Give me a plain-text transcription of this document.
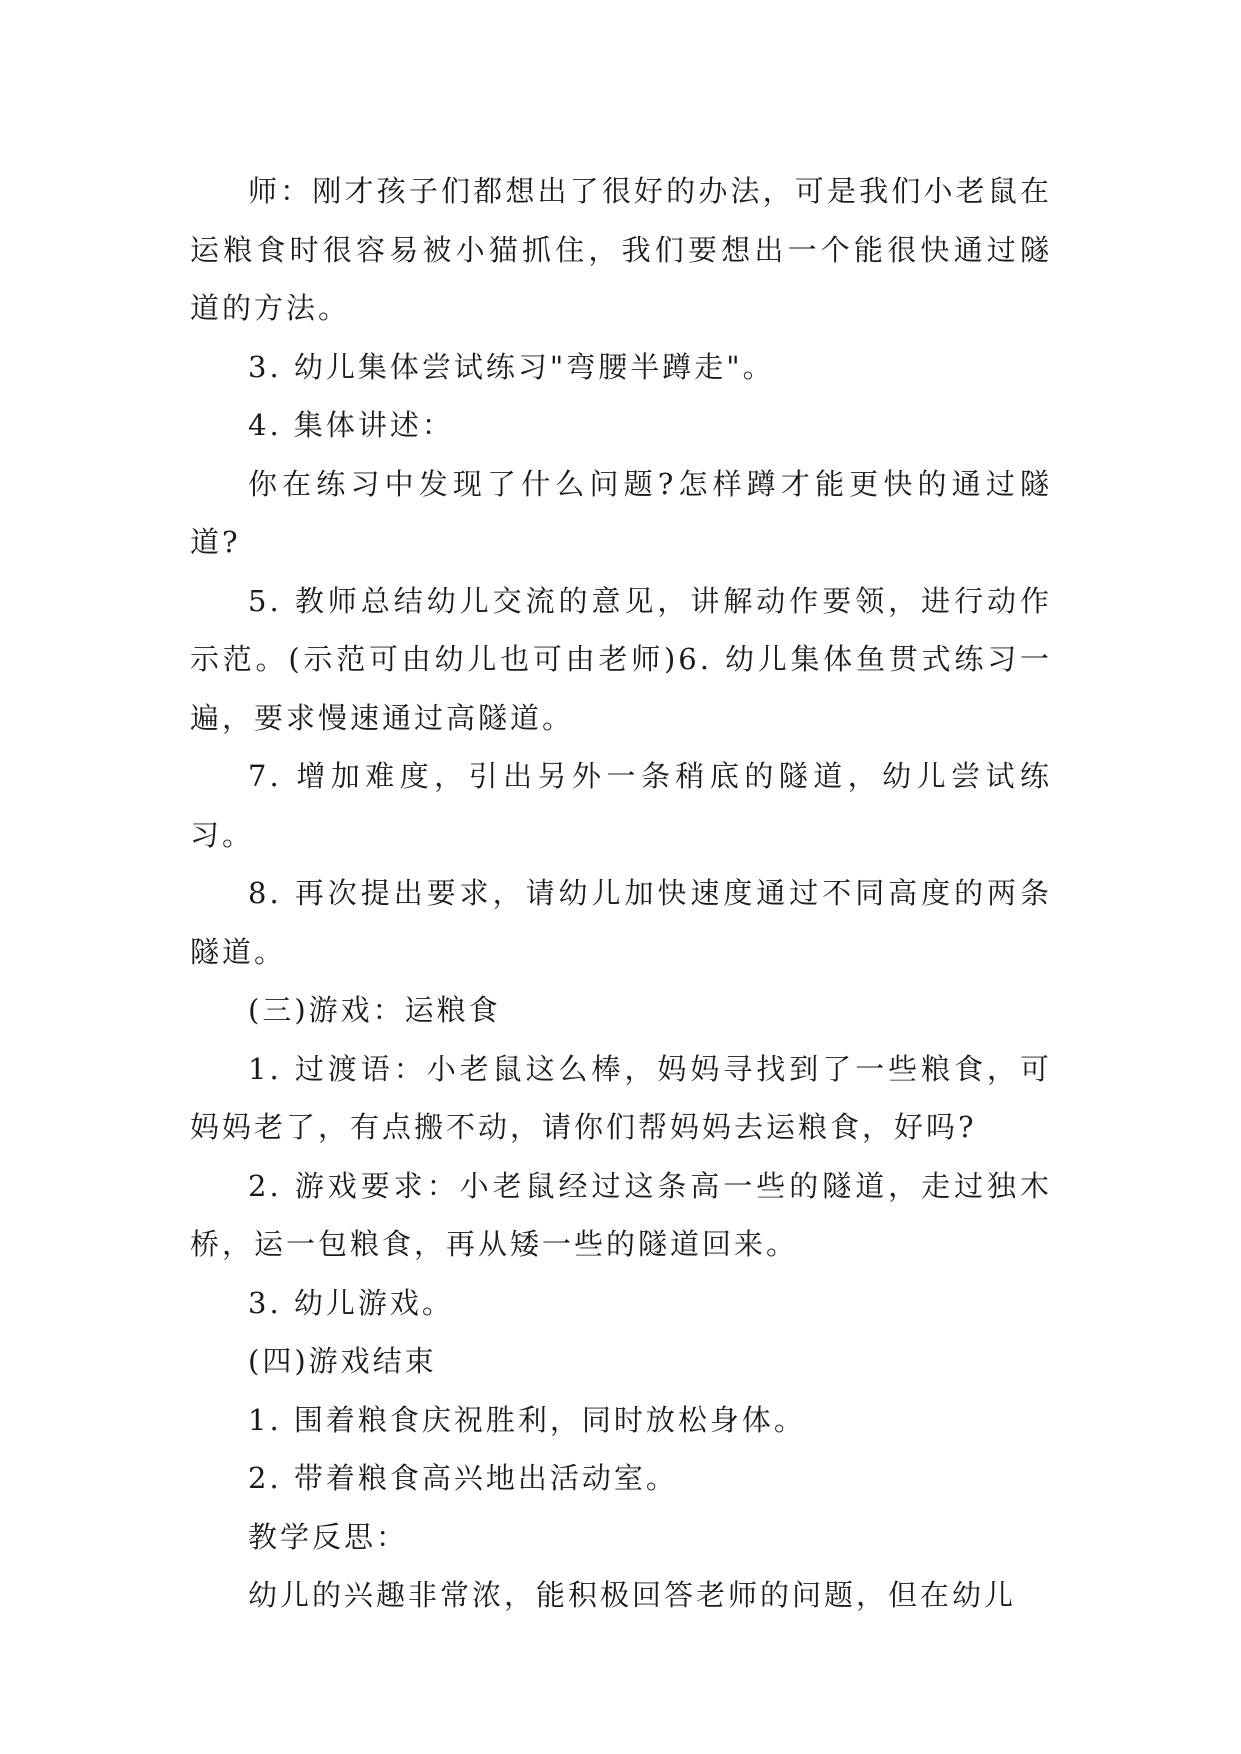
师：刚才孩子们都想出了很好的办法，可是我们小老鼠在运粮食时很容易被小猫抓住，我们要想出一个能很快通过隧道的方法。

3. 幼儿集体尝试练习"弯腰半蹲走"。

4. 集体讲述：

你在练习中发现了什么问题?怎样蹲才能更快的通过隧道?

5. 教师总结幼儿交流的意见，讲解动作要领，进行动作示范。(示范可由幼儿也可由老师)6. 幼儿集体鱼贯式练习一遍，要求慢速通过高隧道。

7. 增加难度，引出另外一条稍底的隧道，幼儿尝试练习。

8. 再次提出要求，请幼儿加快速度通过不同高度的两条隧道。

(三)游戏：运粮食

1. 过渡语：小老鼠这么棒，妈妈寻找到了一些粮食，可妈妈老了，有点搬不动，请你们帮妈妈去运粮食，好吗?

2. 游戏要求：小老鼠经过这条高一些的隧道，走过独木桥，运一包粮食，再从矮一些的隧道回来。

3. 幼儿游戏。

(四)游戏结束

1. 围着粮食庆祝胜利，同时放松身体。

2. 带着粮食高兴地出活动室。

教学反思：

幼儿的兴趣非常浓，能积极回答老师的问题，但在幼儿
